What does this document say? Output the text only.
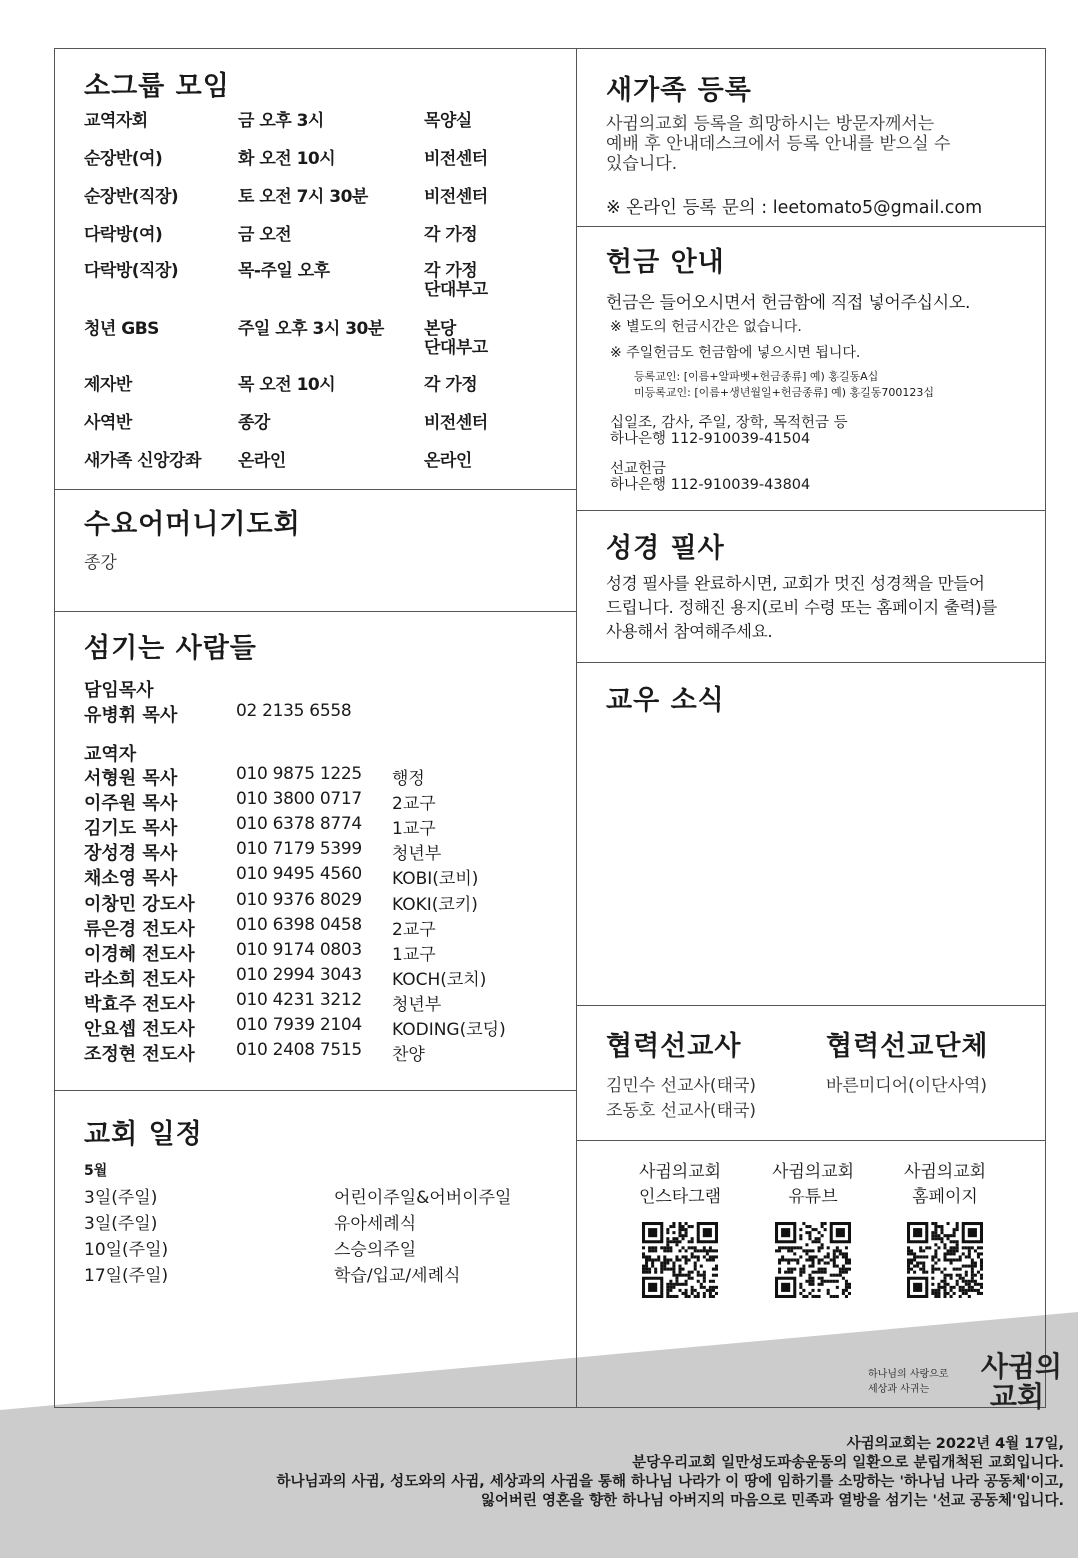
소그룹 모임
교역자회	금 오후 3시	목양실
순장반(여)	화 오전 10시	비전센터
순장반(직장)	토 오전 7시 30분	비전센터
다락방(여)	금 오전	각 가정
다락방(직장)	목-주일 오후	각 가정
단대부고
청년 GBS	주일 오후 3시 30분 본당
단대부고
제자반	목 오전 10시	각 가정
사역반	종강	비전센터
새가족 신앙강좌 온라인	온라인
수요어머니기도회
종강
섬기는 사람들
담임목사
유병휘 목사	02 2135 6558
교역자
서형원 목사	010 9875 1225 행정
이주원 목사	010 3800 0717 2교구
김기도 목사	010 6378 8774 1교구
장성경 목사	010 7179 5399 청년부
채소영 목사	010 9495 4560 KOBI(코비)
이창민 강도사 010 9376 8029 KOKI(코키)
류은경 전도사 010 6398 0458 2교구
이경혜 전도사 010 9174 0803 1교구
라소희 전도사 010 2994 3043 KOCH(코치)
박효주 전도사 010 4231 3212 청년부
안요셉 전도사 010 7939 2104 KODING(코딩)
조정현 전도사 010 2408 7515 찬양
교회 일정
5월
3일(주일)	어린이주일&어버이주일
3일(주일)	유아세례식
10일(주일)	스승의주일
17일(주일)	학습/입교/세례식
새가족 등록
사귐의교회 등록을 희망하시는 방문자께서는
예배 후 안내데스크에서 등록 안내를 받으실 수
있습니다.
※ 온라인 등록 문의 : leetomato5@gmail.com
헌금 안내
헌금은 들어오시면서 헌금함에 직접 넣어주십시오.
※ 별도의 헌금시간은 없습니다.
※ 주일헌금도 헌금함에 넣으시면 됩니다.
등록교인: [이름+알파벳+헌금종류] 예) 홍길동A십
미등록교인: [이름+생년월일+헌금종류] 예) 홍길동700123십
십일조, 감사, 주일, 장학, 목적헌금 등
하나은행 112-910039-41504
선교헌금
하나은행 112-910039-43804
성경 필사
성경 필사를 완료하시면, 교회가 멋진 성경책을 만들어
드립니다. 정해진 용지(로비 수령 또는 홈페이지 출력)를
사용해서 참여해주세요.
교우 소식
협력선교사
김민수 선교사(태국)
조동호 선교사(태국)
협력선교단체
바른미디어(이단사역)
사귐의교회
인스타그램
사귐의교회
유튜브
사귐의교회
홈페이지
하나님의 사랑으로
세상과 사귀는
사귐의
교회
사귐의교회는 2022년 4월 17일,
분당우리교회 일만성도파송운동의 일환으로 분립개척된 교회입니다.
하나님과의 사귐, 성도와의 사귐, 세상과의 사귐을 통해 하나님 나라가 이 땅에 임하기를 소망하는 '하나님 나라 공동체'이고,
잃어버린 영혼을 향한 하나님 아버지의 마음으로 민족과 열방을 섬기는 '선교 공동체'입니다.
